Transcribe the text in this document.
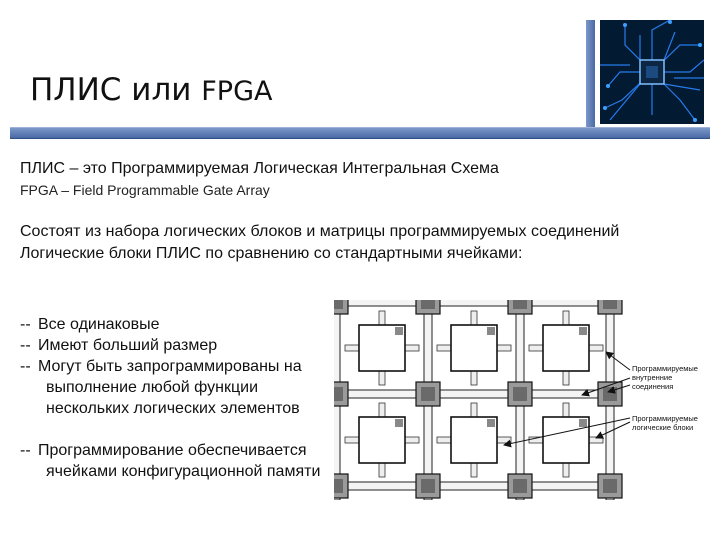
ПЛИС или FPGA
ПЛИС – это Программируемая Логическая Интегральная Схема
FPGA – Field Programmable Gate Array
Состоят из набора логических блоков и матрицы программируемых соединений
Логические блоки ПЛИС по сравнению со стандартными ячейками:
-- Все одинаковые
-- Имеют больший размер
-- Могут быть запрограммированы на
выполнение любой функции
нескольких логических элементов
-- Программирование обеспечивается
ячейками конфигурационной памяти
Программируемые внутренние соединения
Программируемые логические блоки
